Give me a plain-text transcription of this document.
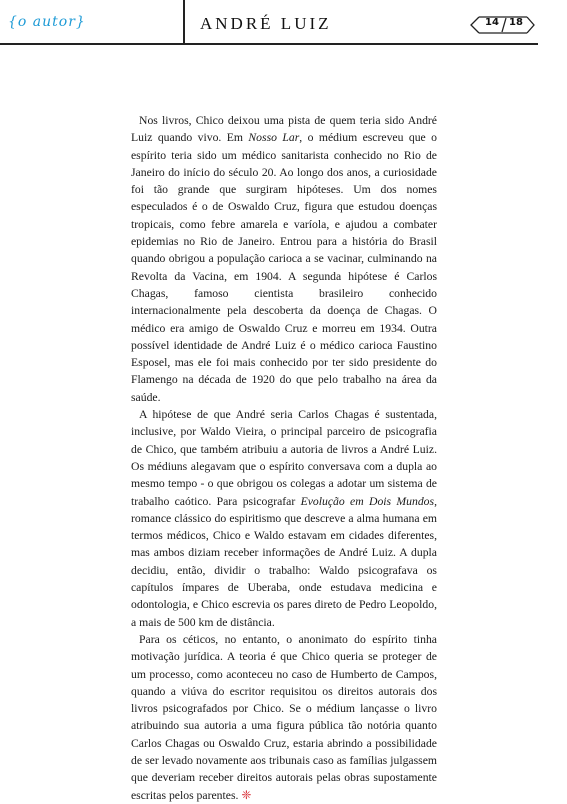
{o autor}	ANDRÉ LUIZ	14	18

Nos livros, Chico deixou uma pista de quem teria sido André Luiz quando vivo. Em Nosso Lar, o médium escreveu que o espírito teria sido um médico sanitarista conhecido no Rio de Janeiro do início do século 20. Ao longo dos anos, a curiosidade foi tão grande que surgiram hipóteses. Um dos nomes especulados é o de Oswaldo Cruz, figura que estudou doenças tropicais, como febre amarela e varíola, e ajudou a combater epidemias no Rio de Janeiro. Entrou para a história do Brasil quando obrigou a população carioca a se vacinar, culminando na Revolta da Vacina, em 1904. A segunda hipótese é Carlos Chagas, famoso cientista brasileiro conhecido internacionalmente pela descoberta da doença de Chagas. O médico era amigo de Oswaldo Cruz e morreu em 1934. Outra possível identidade de André Luiz é o médico carioca Faustino Esposel, mas ele foi mais conhecido por ter sido presidente do Flamengo na década de 1920 do que pelo trabalho na área da saúde.

A hipótese de que André seria Carlos Chagas é sustentada, inclusive, por Waldo Vieira, o principal parceiro de psicografia de Chico, que também atribuiu a autoria de livros a André Luiz. Os médiuns alegavam que o espírito conversava com a dupla ao mesmo tempo - o que obrigou os colegas a adotar um sistema de trabalho caótico. Para psicografar Evolução em Dois Mundos, romance clássico do espiritismo que descreve a alma humana em termos médicos, Chico e Waldo estavam em cidades diferentes, mas ambos diziam receber informações de André Luiz. A dupla decidiu, então, dividir o trabalho: Waldo psicografava os capítulos ímpares de Uberaba, onde estudava medicina e odontologia, e Chico escrevia os pares direto de Pedro Leopoldo, a mais de 500 km de distância.

Para os céticos, no entanto, o anonimato do espírito tinha motivação jurídica. A teoria é que Chico queria se proteger de um processo, como aconteceu no caso de Humberto de Campos, quando a viúva do escritor requisitou os direitos autorais dos livros psicografados por Chico. Se o médium lançasse o livro atribuindo sua autoria a uma figura pública tão notória quanto Carlos Chagas ou Oswaldo Cruz, estaria abrindo a possibilidade de ser levado novamente aos tribunais caso as famílias julgassem que deveriam receber direitos autorais pelas obras supostamente escritas pelos parentes. ❈
